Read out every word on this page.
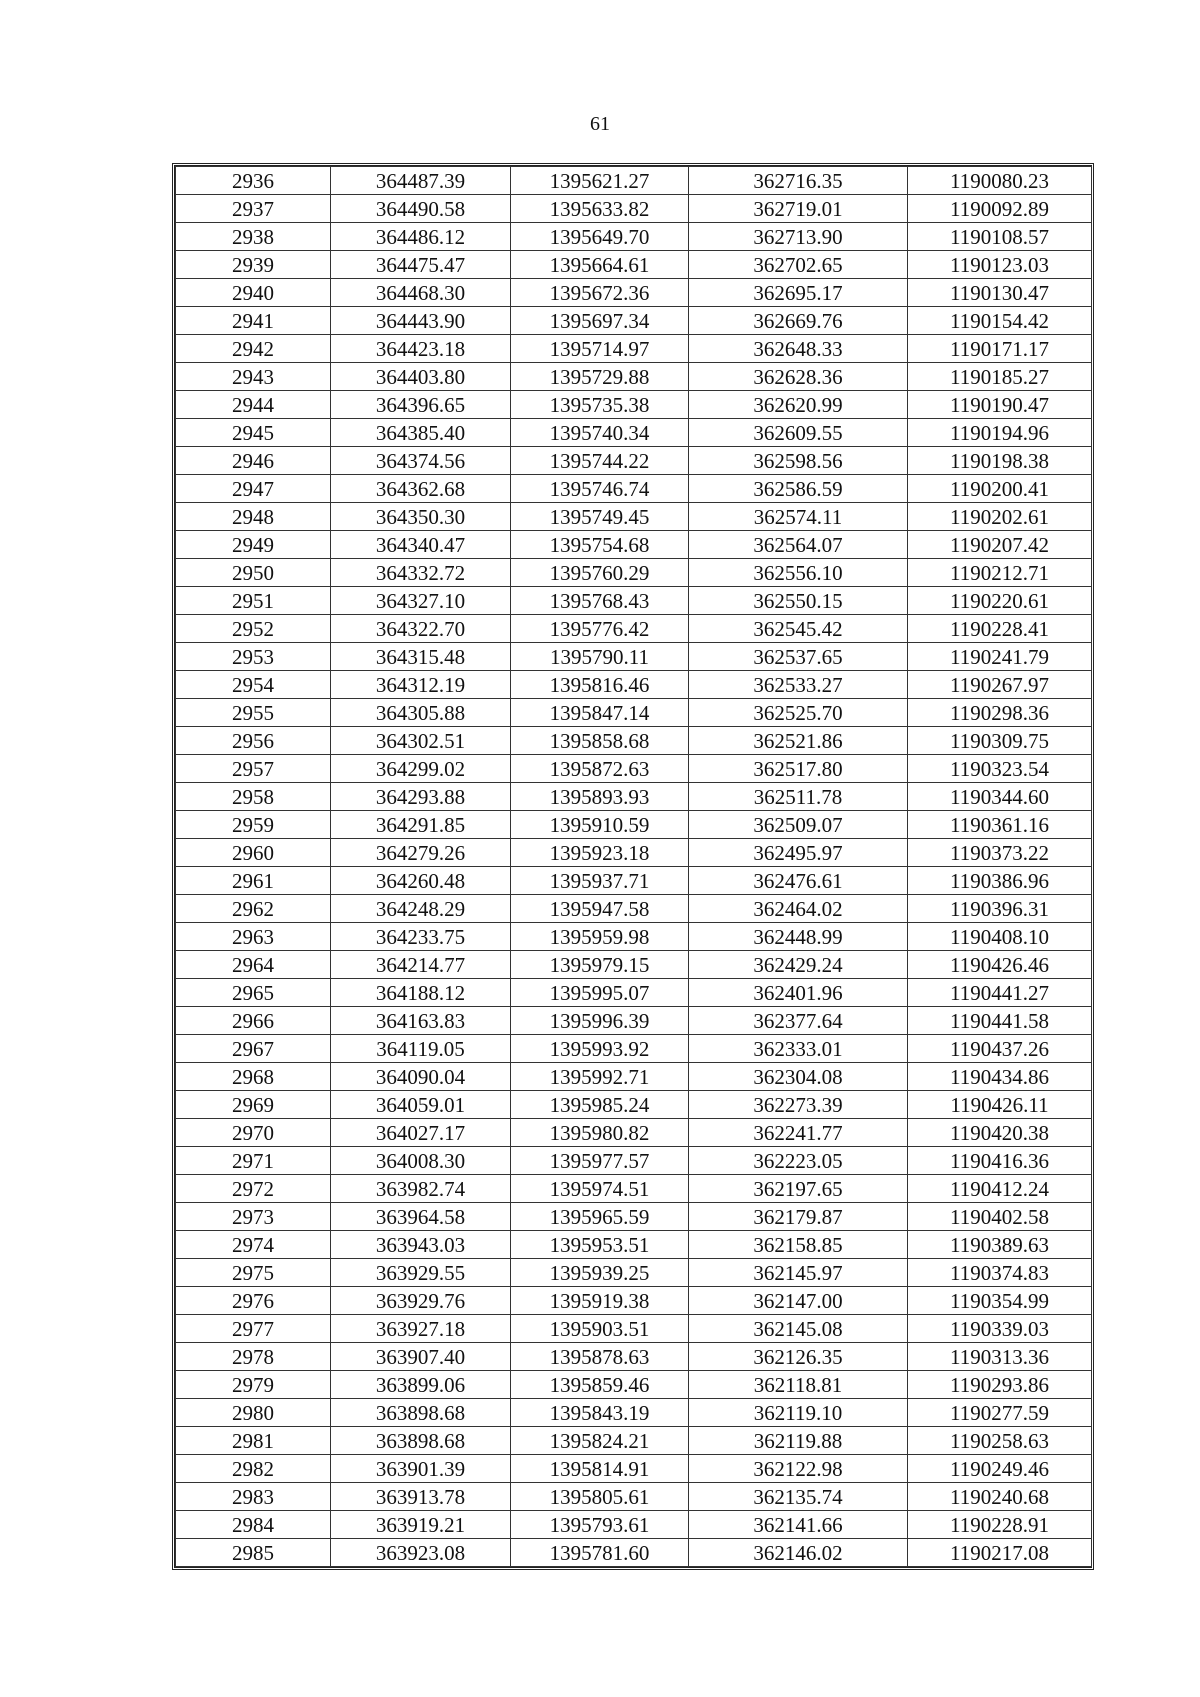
61
2936	364487.39	1395621.27	362716.35	1190080.23
2937	364490.58	1395633.82	362719.01	1190092.89
2938	364486.12	1395649.70	362713.90	1190108.57
2939	364475.47	1395664.61	362702.65	1190123.03
2940	364468.30	1395672.36	362695.17	1190130.47
2941	364443.90	1395697.34	362669.76	1190154.42
2942	364423.18	1395714.97	362648.33	1190171.17
2943	364403.80	1395729.88	362628.36	1190185.27
2944	364396.65	1395735.38	362620.99	1190190.47
2945	364385.40	1395740.34	362609.55	1190194.96
2946	364374.56	1395744.22	362598.56	1190198.38
2947	364362.68	1395746.74	362586.59	1190200.41
2948	364350.30	1395749.45	362574.11	1190202.61
2949	364340.47	1395754.68	362564.07	1190207.42
2950	364332.72	1395760.29	362556.10	1190212.71
2951	364327.10	1395768.43	362550.15	1190220.61
2952	364322.70	1395776.42	362545.42	1190228.41
2953	364315.48	1395790.11	362537.65	1190241.79
2954	364312.19	1395816.46	362533.27	1190267.97
2955	364305.88	1395847.14	362525.70	1190298.36
2956	364302.51	1395858.68	362521.86	1190309.75
2957	364299.02	1395872.63	362517.80	1190323.54
2958	364293.88	1395893.93	362511.78	1190344.60
2959	364291.85	1395910.59	362509.07	1190361.16
2960	364279.26	1395923.18	362495.97	1190373.22
2961	364260.48	1395937.71	362476.61	1190386.96
2962	364248.29	1395947.58	362464.02	1190396.31
2963	364233.75	1395959.98	362448.99	1190408.10
2964	364214.77	1395979.15	362429.24	1190426.46
2965	364188.12	1395995.07	362401.96	1190441.27
2966	364163.83	1395996.39	362377.64	1190441.58
2967	364119.05	1395993.92	362333.01	1190437.26
2968	364090.04	1395992.71	362304.08	1190434.86
2969	364059.01	1395985.24	362273.39	1190426.11
2970	364027.17	1395980.82	362241.77	1190420.38
2971	364008.30	1395977.57	362223.05	1190416.36
2972	363982.74	1395974.51	362197.65	1190412.24
2973	363964.58	1395965.59	362179.87	1190402.58
2974	363943.03	1395953.51	362158.85	1190389.63
2975	363929.55	1395939.25	362145.97	1190374.83
2976	363929.76	1395919.38	362147.00	1190354.99
2977	363927.18	1395903.51	362145.08	1190339.03
2978	363907.40	1395878.63	362126.35	1190313.36
2979	363899.06	1395859.46	362118.81	1190293.86
2980	363898.68	1395843.19	362119.10	1190277.59
2981	363898.68	1395824.21	362119.88	1190258.63
2982	363901.39	1395814.91	362122.98	1190249.46
2983	363913.78	1395805.61	362135.74	1190240.68
2984	363919.21	1395793.61	362141.66	1190228.91
2985	363923.08	1395781.60	362146.02	1190217.08
